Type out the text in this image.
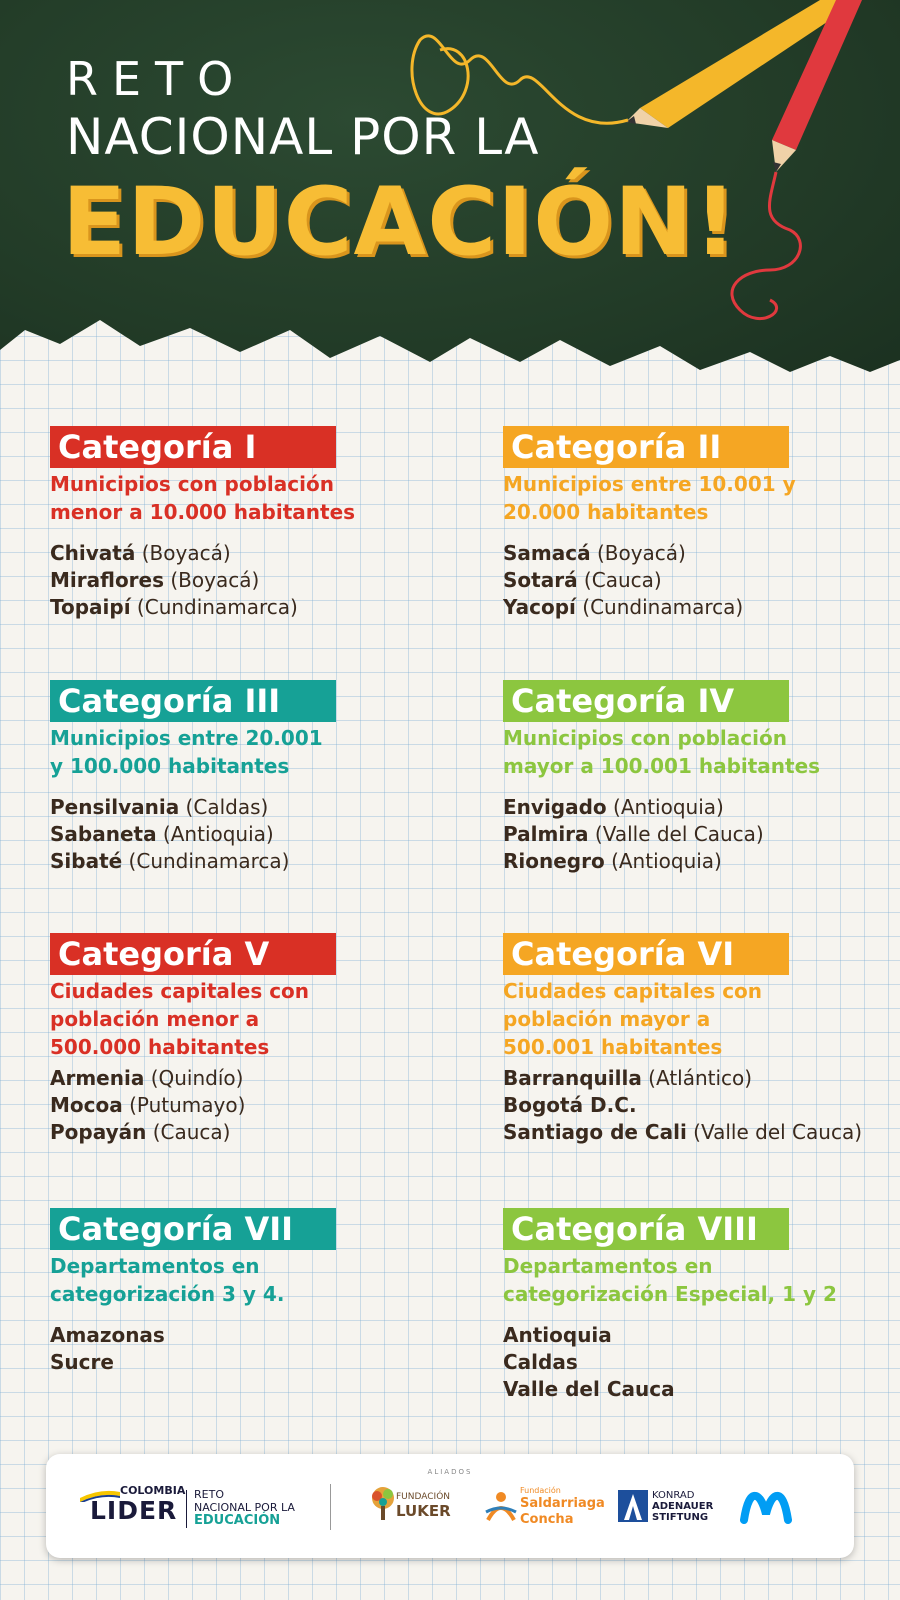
RETO
NACIONAL POR LA
EDUCACIÓN!
Categoría I
Municipios con población
menor a 10.000 habitantes
Chivatá (Boyacá)
Miraflores (Boyacá)
Topaipí (Cundinamarca)
Categoría II
Municipios entre 10.001 y
20.000 habitantes
Samacá (Boyacá)
Sotará (Cauca)
Yacopí (Cundinamarca)
Categoría III
Municipios entre 20.001
y 100.000 habitantes
Pensilvania (Caldas)
Sabaneta (Antioquia)
Sibaté (Cundinamarca)
Categoría IV
Municipios con población
mayor a 100.001 habitantes
Envigado (Antioquia)
Palmira (Valle del Cauca)
Rionegro (Antioquia)
Categoría V
Ciudades capitales con
población menor a
500.000 habitantes
Armenia (Quindío)
Mocoa (Putumayo)
Popayán (Cauca)
Categoría VI
Ciudades capitales con
población mayor a
500.001 habitantes
Barranquilla (Atlántico)
Bogotá D.C.
Santiago de Cali (Valle del Cauca)
Categoría VII
Departamentos en
categorización 3 y 4.
Amazonas
Sucre
Categoría VIII
Departamentos en
categorización Especial, 1 y 2
Antioquia
Caldas
Valle del Cauca
ALIADOS
COLOMBIA
LIDER
RETO
NACIONAL POR LA
EDUCACIÓN
FUNDACIÓN
LUKER
Fundación
Saldarriaga
Concha
KONRAD
ADENAUER
STIFTUNG
